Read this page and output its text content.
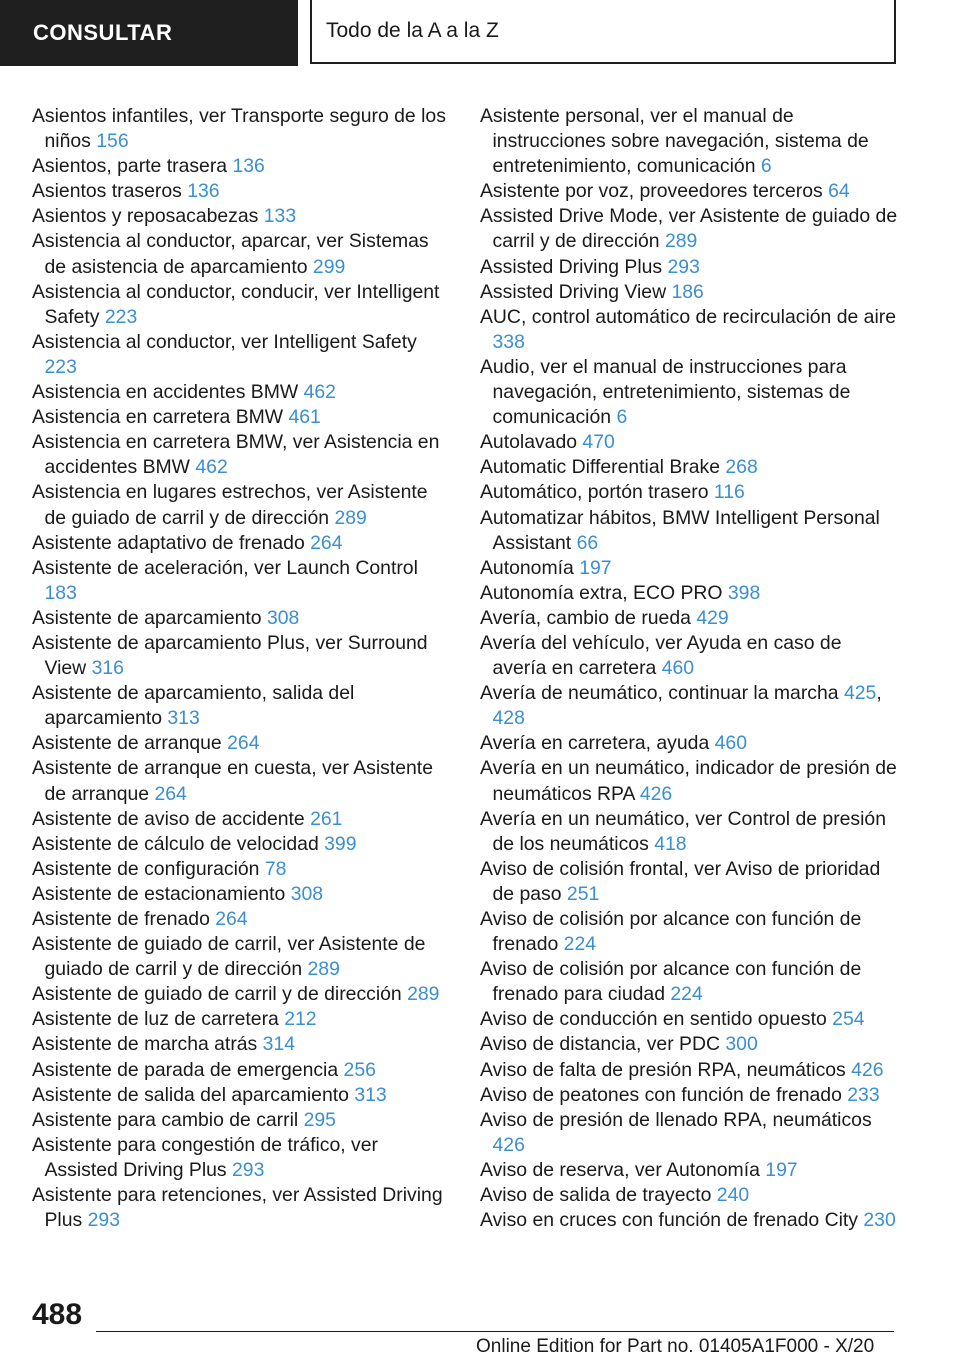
CONSULTAR	Todo de la A a la Z
Asientos infantiles, ver Transporte seguro de los niños 156
Asientos, parte trasera 136
Asientos traseros 136
Asientos y reposacabezas 133
Asistencia al conductor, aparcar, ver Sistemas de asistencia de aparcamiento 299
Asistencia al conductor, conducir, ver Intelligent Safety 223
Asistencia al conductor, ver Intelligent Safety 223
Asistencia en accidentes BMW 462
Asistencia en carretera BMW 461
Asistencia en carretera BMW, ver Asistencia en accidentes BMW 462
Asistencia en lugares estrechos, ver Asistente de guiado de carril y de dirección 289
Asistente adaptativo de frenado 264
Asistente de aceleración, ver Launch Control 183
Asistente de aparcamiento 308
Asistente de aparcamiento Plus, ver Surround View 316
Asistente de aparcamiento, salida del aparcamiento 313
Asistente de arranque 264
Asistente de arranque en cuesta, ver Asistente de arranque 264
Asistente de aviso de accidente 261
Asistente de cálculo de velocidad 399
Asistente de configuración 78
Asistente de estacionamiento 308
Asistente de frenado 264
Asistente de guiado de carril, ver Asistente de guiado de carril y de dirección 289
Asistente de guiado de carril y de dirección 289
Asistente de luz de carretera 212
Asistente de marcha atrás 314
Asistente de parada de emergencia 256
Asistente de salida del aparcamiento 313
Asistente para cambio de carril 295
Asistente para congestión de tráfico, ver Assisted Driving Plus 293
Asistente para retenciones, ver Assisted Driving Plus 293
Asistente personal, ver el manual de instrucciones sobre navegación, sistema de entretenimiento, comunicación 6
Asistente por voz, proveedores terceros 64
Assisted Drive Mode, ver Asistente de guiado de carril y de dirección 289
Assisted Driving Plus 293
Assisted Driving View 186
AUC, control automático de recirculación de aire 338
Audio, ver el manual de instrucciones para navegación, entretenimiento, sistemas de comunicación 6
Autolavado 470
Automatic Differential Brake 268
Automático, portón trasero 116
Automatizar hábitos, BMW Intelligent Personal Assistant 66
Autonomía 197
Autonomía extra, ECO PRO 398
Avería, cambio de rueda 429
Avería del vehículo, ver Ayuda en caso de avería en carretera 460
Avería de neumático, continuar la marcha 425, 428
Avería en carretera, ayuda 460
Avería en un neumático, indicador de presión de neumáticos RPA 426
Avería en un neumático, ver Control de presión de los neumáticos 418
Aviso de colisión frontal, ver Aviso de prioridad de paso 251
Aviso de colisión por alcance con función de frenado 224
Aviso de colisión por alcance con función de frenado para ciudad 224
Aviso de conducción en sentido opuesto 254
Aviso de distancia, ver PDC 300
Aviso de falta de presión RPA, neumáticos 426
Aviso de peatones con función de frenado 233
Aviso de presión de llenado RPA, neumáticos 426
Aviso de reserva, ver Autonomía 197
Aviso de salida de trayecto 240
Aviso en cruces con función de frenado City 230
488
Online Edition for Part no. 01405A1F000 - X/20
